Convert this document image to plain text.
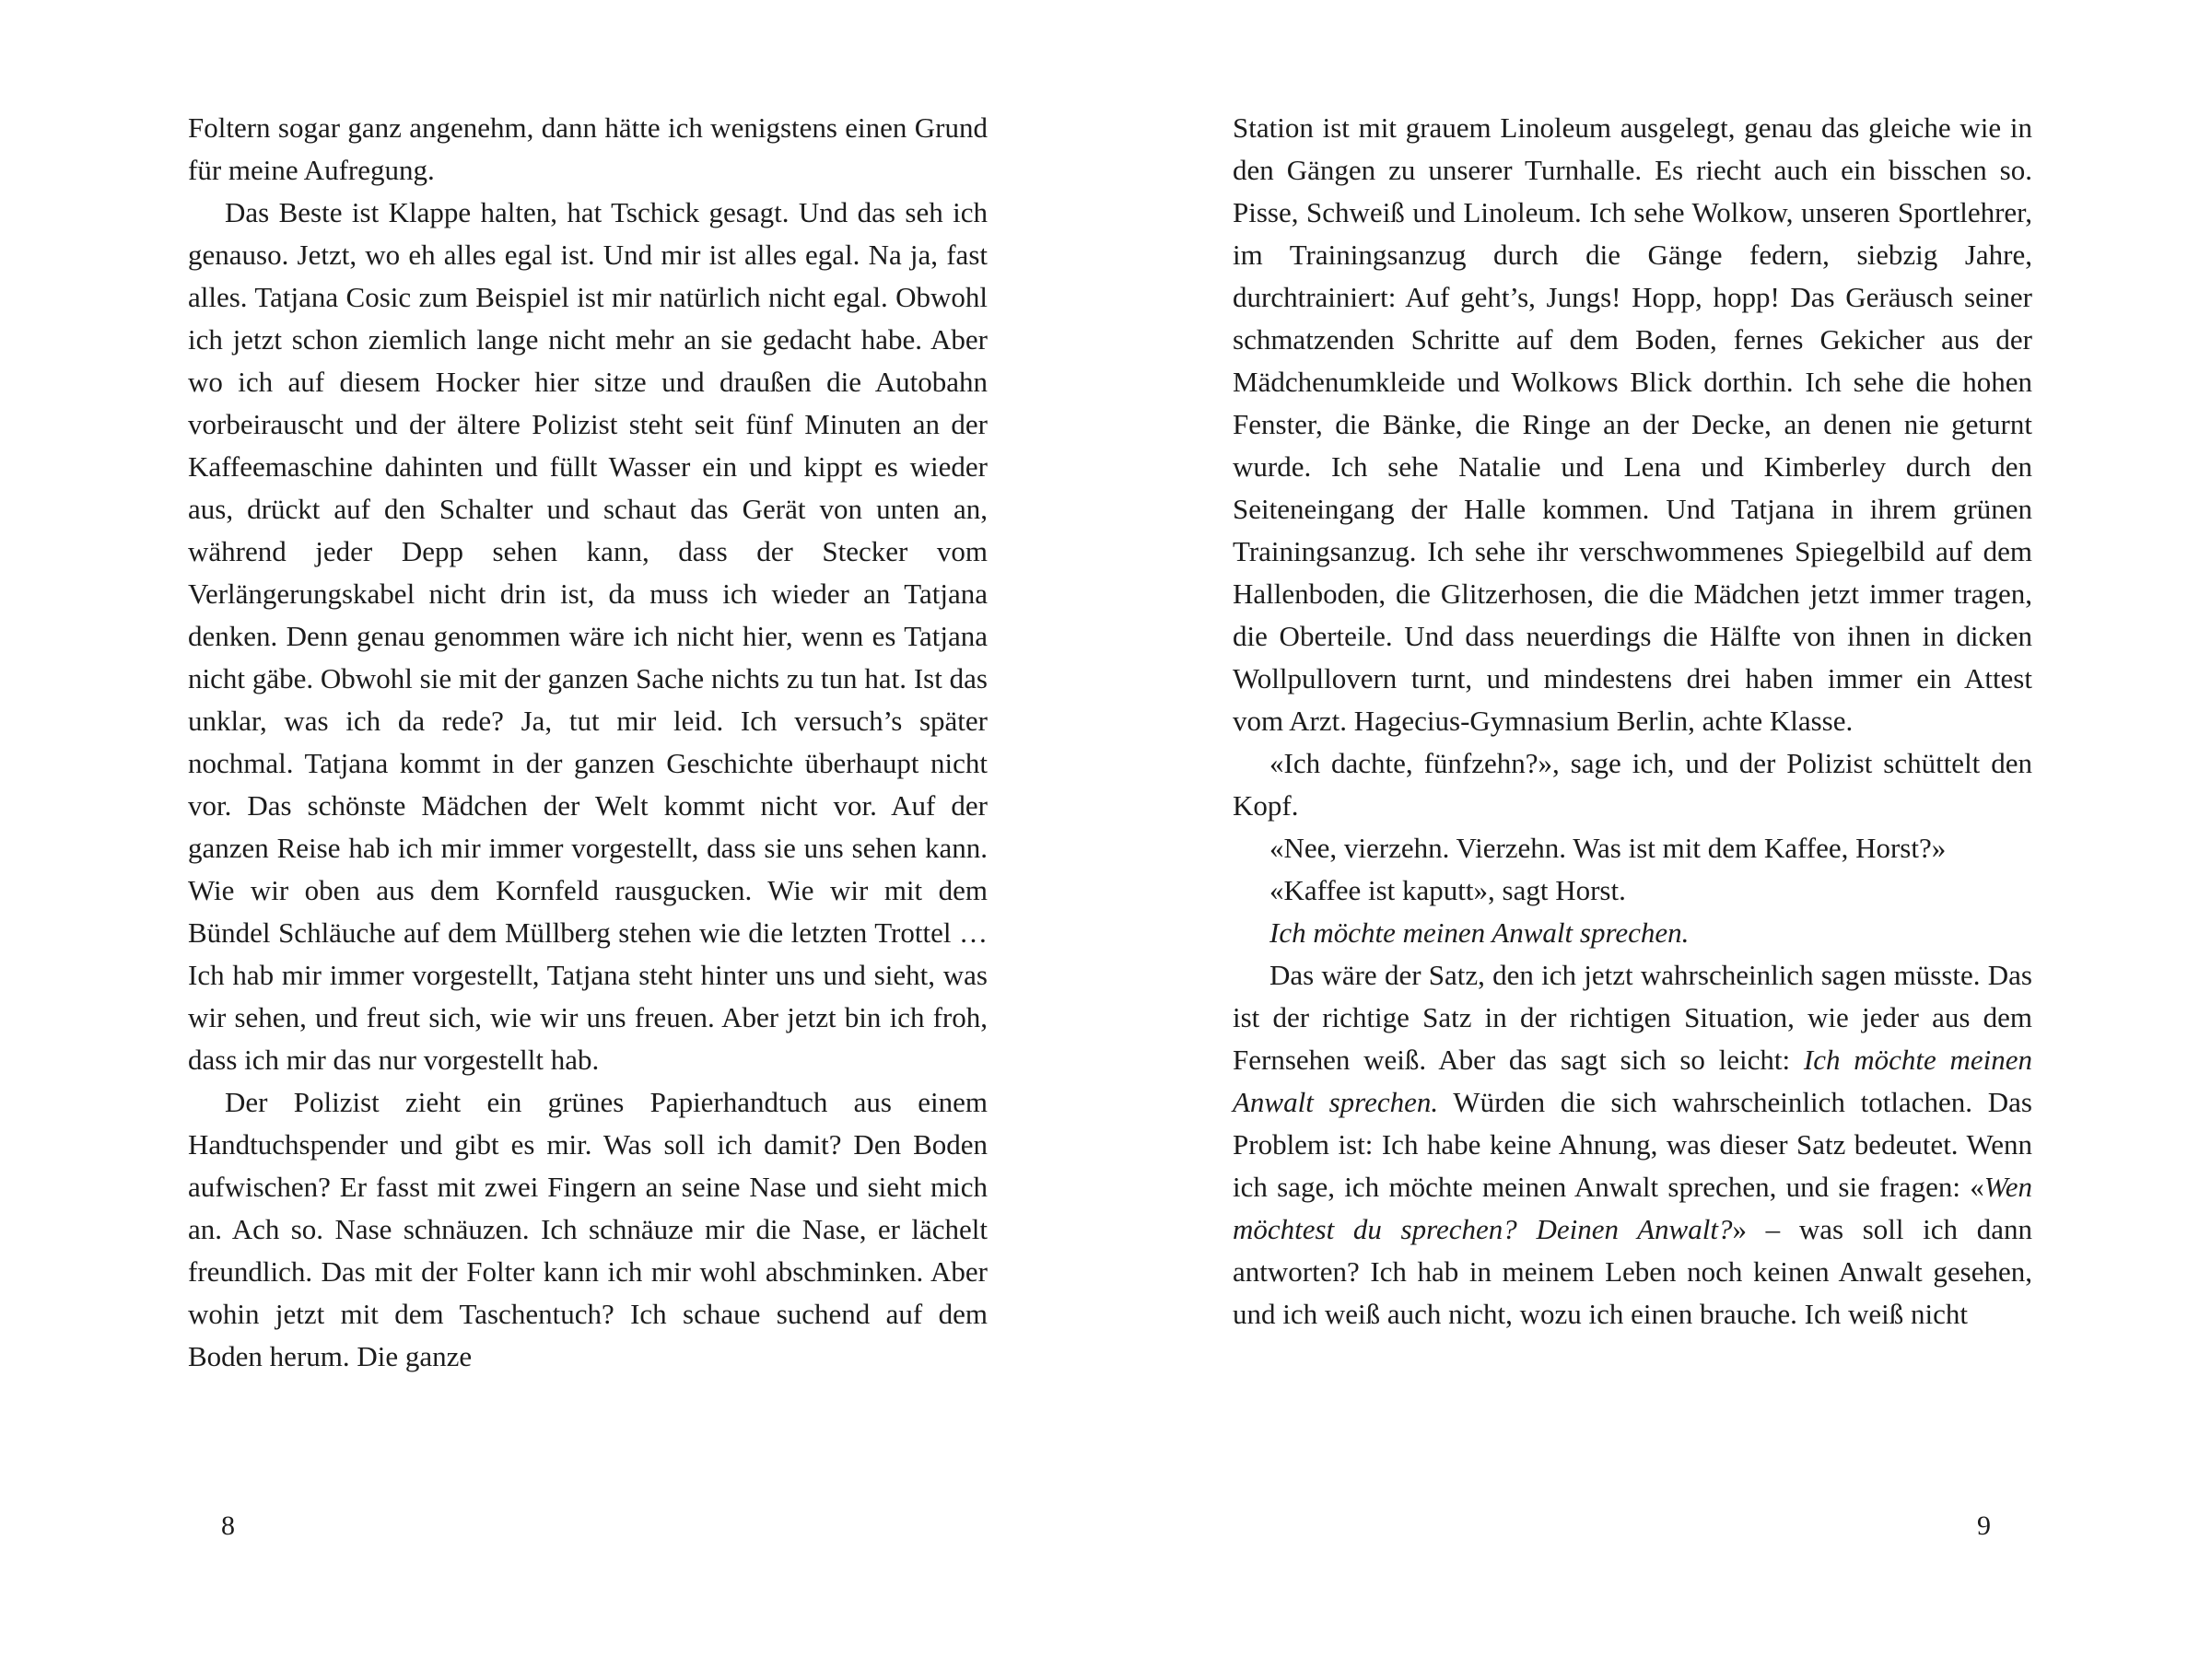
Foltern sogar ganz angenehm, dann hätte ich wenigstens einen Grund für meine Aufregung.

Das Beste ist Klappe halten, hat Tschick gesagt. Und das seh ich genauso. Jetzt, wo eh alles egal ist. Und mir ist alles egal. Na ja, fast alles. Tatjana Cosic zum Beispiel ist mir natürlich nicht egal. Obwohl ich jetzt schon ziemlich lange nicht mehr an sie gedacht habe. Aber wo ich auf diesem Hocker hier sitze und draußen die Autobahn vorbeirauscht und der ältere Polizist steht seit fünf Minuten an der Kaffeemaschine dahinten und füllt Wasser ein und kippt es wieder aus, drückt auf den Schalter und schaut das Gerät von unten an, während jeder Depp sehen kann, dass der Stecker vom Verlängerungskabel nicht drin ist, da muss ich wieder an Tatjana denken. Denn genau genommen wäre ich nicht hier, wenn es Tatjana nicht gäbe. Obwohl sie mit der ganzen Sache nichts zu tun hat. Ist das unklar, was ich da rede? Ja, tut mir leid. Ich versuch’s später nochmal. Tatjana kommt in der ganzen Geschichte überhaupt nicht vor. Das schönste Mädchen der Welt kommt nicht vor. Auf der ganzen Reise hab ich mir immer vorgestellt, dass sie uns sehen kann. Wie wir oben aus dem Kornfeld rausgucken. Wie wir mit dem Bündel Schläuche auf dem Müllberg stehen wie die letzten Trottel … Ich hab mir immer vorgestellt, Tatjana steht hinter uns und sieht, was wir sehen, und freut sich, wie wir uns freuen. Aber jetzt bin ich froh, dass ich mir das nur vorgestellt hab.

Der Polizist zieht ein grünes Papierhandtuch aus einem Handtuchspender und gibt es mir. Was soll ich damit? Den Boden aufwischen? Er fasst mit zwei Fingern an seine Nase und sieht mich an. Ach so. Nase schnäuzen. Ich schnäuze mir die Nase, er lächelt freundlich. Das mit der Folter kann ich mir wohl abschminken. Aber wohin jetzt mit dem Taschentuch? Ich schaue suchend auf dem Boden herum. Die ganze

Station ist mit grauem Linoleum ausgelegt, genau das gleiche wie in den Gängen zu unserer Turnhalle. Es riecht auch ein bisschen so. Pisse, Schweiß und Linoleum. Ich sehe Wolkow, unseren Sportlehrer, im Trainingsanzug durch die Gänge federn, siebzig Jahre, durchtrainiert: Auf geht’s, Jungs! Hopp, hopp! Das Geräusch seiner schmatzenden Schritte auf dem Boden, fernes Gekicher aus der Mädchenumkleide und Wolkows Blick dorthin. Ich sehe die hohen Fenster, die Bänke, die Ringe an der Decke, an denen nie geturnt wurde. Ich sehe Natalie und Lena und Kimberley durch den Seiteneingang der Halle kommen. Und Tatjana in ihrem grünen Trainingsanzug. Ich sehe ihr verschwommenes Spiegelbild auf dem Hallenboden, die Glitzerhosen, die die Mädchen jetzt immer tragen, die Oberteile. Und dass neuerdings die Hälfte von ihnen in dicken Wollpullovern turnt, und mindestens drei haben immer ein Attest vom Arzt. Hagecius-Gymnasium Berlin, achte Klasse.

«Ich dachte, fünfzehn?», sage ich, und der Polizist schüttelt den Kopf.

«Nee, vierzehn. Vierzehn. Was ist mit dem Kaffee, Horst?»

«Kaffee ist kaputt», sagt Horst.

Ich möchte meinen Anwalt sprechen.

Das wäre der Satz, den ich jetzt wahrscheinlich sagen müsste. Das ist der richtige Satz in der richtigen Situation, wie jeder aus dem Fernsehen weiß. Aber das sagt sich so leicht: Ich möchte meinen Anwalt sprechen. Würden die sich wahrscheinlich totlachen. Das Problem ist: Ich habe keine Ahnung, was dieser Satz bedeutet. Wenn ich sage, ich möchte meinen Anwalt sprechen, und sie fragen: «Wen möchtest du sprechen? Deinen Anwalt?» – was soll ich dann antworten? Ich hab in meinem Leben noch keinen Anwalt gesehen, und ich weiß auch nicht, wozu ich einen brauche. Ich weiß nicht

8	9
